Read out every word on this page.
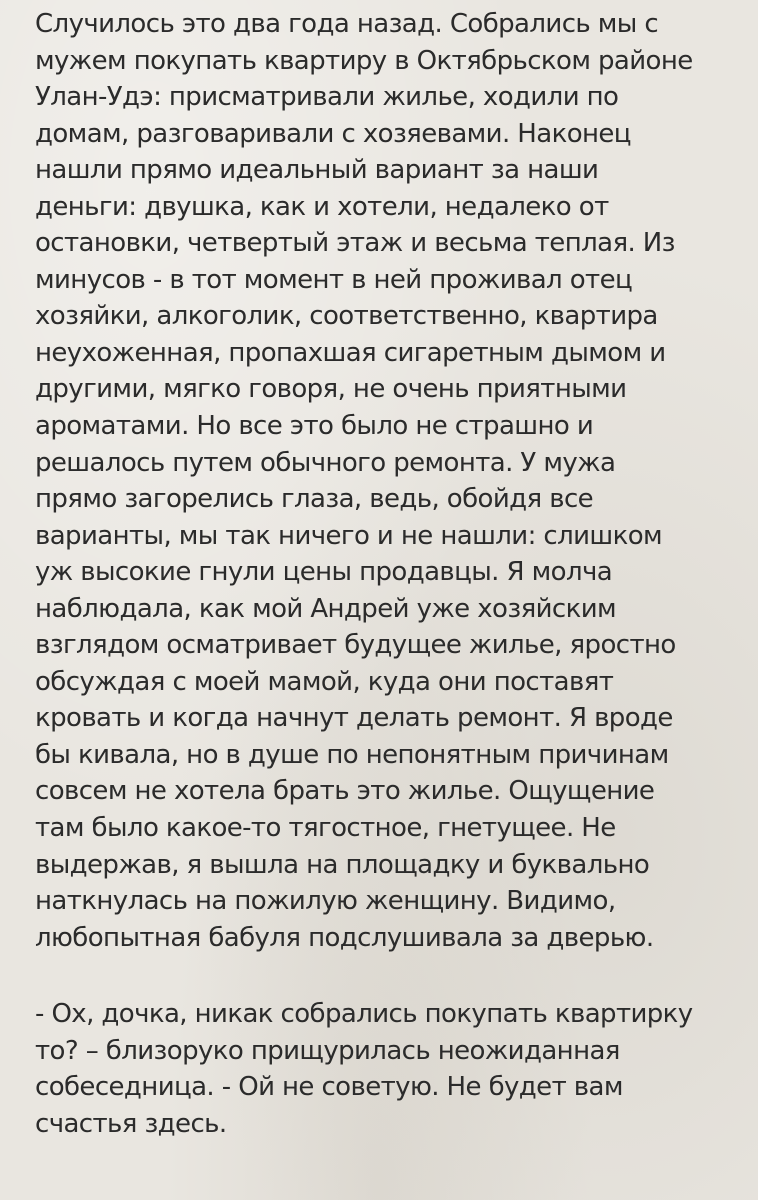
Случилось это два года назад. Собрались мы с
мужем покупать квартиру в Октябрьском районе
Улан-Удэ: присматривали жилье, ходили по
домам, разговаривали с хозяевами. Наконец
нашли прямо идеальный вариант за наши
деньги: двушка, как и хотели, недалеко от
остановки, четвертый этаж и весьма теплая. Из
минусов - в тот момент в ней проживал отец
хозяйки, алкоголик, соответственно, квартира
неухоженная, пропахшая сигаретным дымом и
другими, мягко говоря, не очень приятными
ароматами. Но все это было не страшно и
решалось путем обычного ремонта. У мужа
прямо загорелись глаза, ведь, обойдя все
варианты, мы так ничего и не нашли: слишком
уж высокие гнули цены продавцы. Я молча
наблюдала, как мой Андрей уже хозяйским
взглядом осматривает будущее жилье, яростно
обсуждая с моей мамой, куда они поставят
кровать и когда начнут делать ремонт. Я вроде
бы кивала, но в душе по непонятным причинам
совсем не хотела брать это жилье. Ощущение
там было какое-то тягостное, гнетущее. Не
выдержав, я вышла на площадку и буквально
наткнулась на пожилую женщину. Видимо,
любопытная бабуля подслушивала за дверью.

- Ох, дочка, никак собрались покупать квартирку
то? – близоруко прищурилась неожиданная
собеседница. - Ой не советую. Не будет вам
счастья здесь.
